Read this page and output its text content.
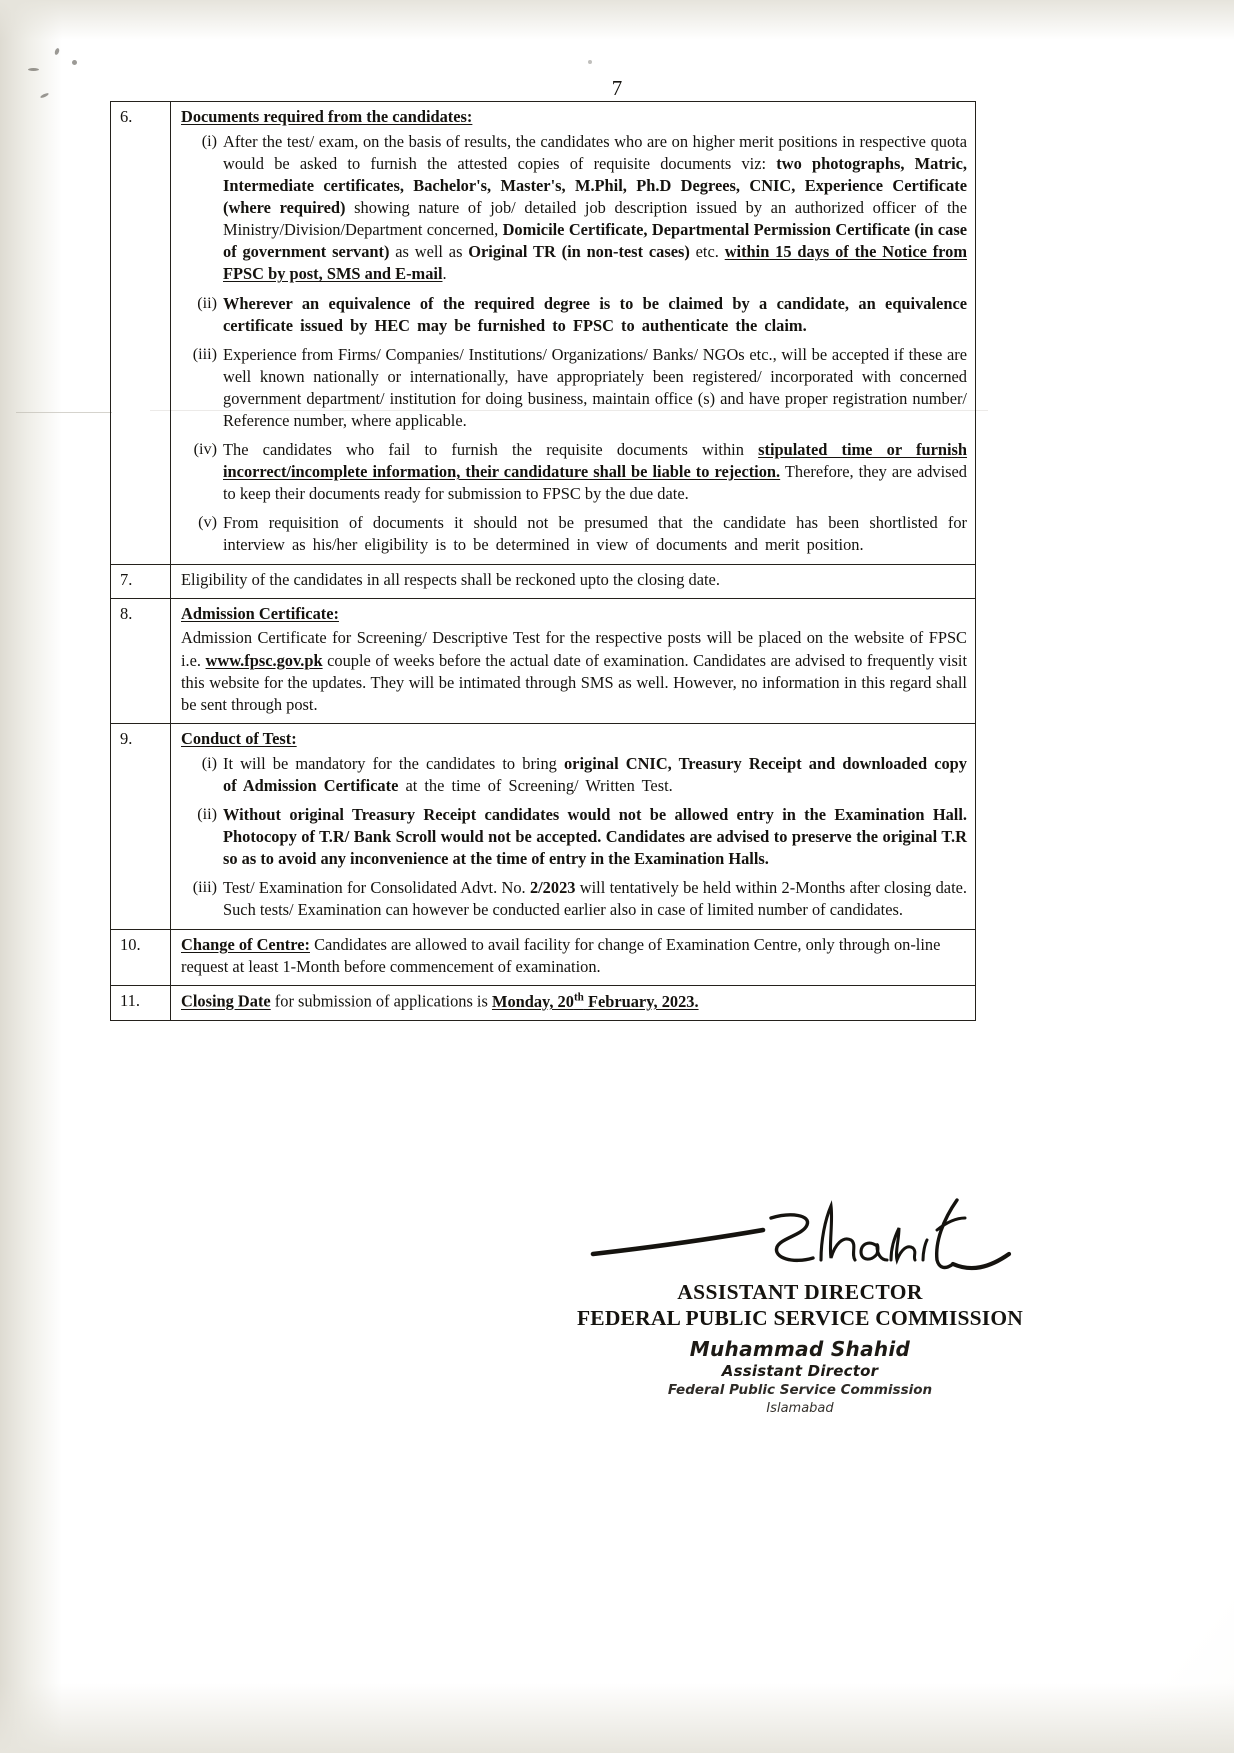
7
6.	Documents required from the candidates:
(i) After the test/ exam, on the basis of results, the candidates who are on higher merit positions in respective quota would be asked to furnish the attested copies of requisite documents viz: two photographs, Matric, Intermediate certificates, Bachelor's, Master's, M.Phil, Ph.D Degrees, CNIC, Experience Certificate (where required) showing nature of job/ detailed job description issued by an authorized officer of the Ministry/Division/Department concerned, Domicile Certificate, Departmental Permission Certificate (in case of government servant) as well as Original TR (in non-test cases) etc. within 15 days of the Notice from FPSC by post, SMS and E-mail.
(ii) Wherever an equivalence of the required degree is to be claimed by a candidate, an equivalence certificate issued by HEC may be furnished to FPSC to authenticate the claim.
(iii) Experience from Firms/ Companies/ Institutions/ Organizations/ Banks/ NGOs etc., will be accepted if these are well known nationally or internationally, have appropriately been registered/ incorporated with concerned government department/ institution for doing business, maintain office (s) and have proper registration number/ Reference number, where applicable.
(iv) The candidates who fail to furnish the requisite documents within stipulated time or furnish incorrect/incomplete information, their candidature shall be liable to rejection. Therefore, they are advised to keep their documents ready for submission to FPSC by the due date.
(v) From requisition of documents it should not be presumed that the candidate has been shortlisted for interview as his/her eligibility is to be determined in view of documents and merit position.

7.	Eligibility of the candidates in all respects shall be reckoned upto the closing date.

8.	Admission Certificate:

Admission Certificate for Screening/ Descriptive Test for the respective posts will be placed on the website of FPSC i.e. www.fpsc.gov.pk couple of weeks before the actual date of examination. Candidates are advised to frequently visit this website for the updates. They will be intimated through SMS as well. However, no information in this regard shall be sent through post.

9.	Conduct of Test:
(i) It will be mandatory for the candidates to bring original CNIC, Treasury Receipt and downloaded copy of Admission Certificate at the time of Screening/ Written Test.
(ii) Without original Treasury Receipt candidates would not be allowed entry in the Examination Hall. Photocopy of T.R/ Bank Scroll would not be accepted. Candidates are advised to preserve the original T.R so as to avoid any inconvenience at the time of entry in the Examination Halls.
(iii) Test/ Examination for Consolidated Advt. No. 2/2023 will tentatively be held within 2-Months after closing date. Such tests/ Examination can however be conducted earlier also in case of limited number of candidates.

10.	Change of Centre: Candidates are allowed to avail facility for change of Examination Centre, only through on-line request at least 1-Month before commencement of examination.

11.	Closing Date for submission of applications is Monday, 20th February, 2023.

ASSISTANT DIRECTOR
FEDERAL PUBLIC SERVICE COMMISSION
Muhammad Shahid
Assistant Director
Federal Public Service Commission
Islamabad
